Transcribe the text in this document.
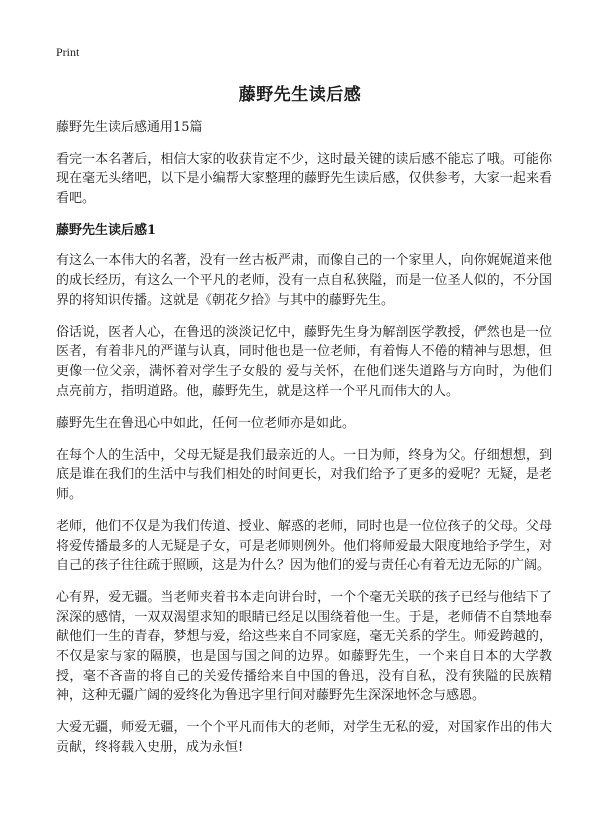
Print
藤野先生读后感

藤野先生读后感通用15篇

看完一本名著后，相信大家的收获肯定不少，这时最关键的读后感不能忘了哦。可能你现在毫无头绪吧，以下是小编帮大家整理的藤野先生读后感，仅供参考，大家一起来看看吧。

藤野先生读后感1

有这么一本伟大的名著，没有一丝古板严肃，而像自己的一个家里人，向你娓娓道来他的成长经历，有这么一个平凡的老师，没有一点自私狭隘，而是一位圣人似的，不分国界的将知识传播。这就是《朝花夕拾》与其中的藤野先生。

俗话说，医者人心，在鲁迅的淡淡记忆中，藤野先生身为解剖医学教授，俨然也是一位医者，有着非凡的严谨与认真，同时他也是一位老师，有着悔人不倦的精神与思想，但更像一位父亲，满怀着对学生子女般的 爱与关怀，在他们迷失道路与方向时，为他们点亮前方，指明道路。他，藤野先生，就是这样一个平凡而伟大的人。

藤野先生在鲁迅心中如此，任何一位老师亦是如此。

在每个人的生活中，父母无疑是我们最亲近的人。一日为师，终身为父。仔细想想，到底是谁在我们的生活中与我们相处的时间更长，对我们给予了更多的爱呢？无疑，是老师。

老师，他们不仅是为我们传道、授业、解惑的老师，同时也是一位位孩子的父母。父母将爱传播最多的人无疑是子女，可是老师则例外。他们将师爱最大限度地给予学生，对自己的孩子往往疏于照顾，这是为什么？因为他们的爱与责任心有着无边无际的广阔。

心有界，爱无疆。当老师夹着书本走向讲台时，一个个毫无关联的孩子已经与他结下了深深的感情，一双双渴望求知的眼睛已经足以围绕着他一生。于是，老师倩不自禁地奉献他们一生的青春，梦想与爱，给这些来自不同家庭，毫无关系的学生。师爱跨越的，不仅是家与家的隔膜，也是国与国之间的边界。如藤野先生，一个来自日本的大学教授，毫不吝啬的将自己的关爱传播给来自中国的鲁迅，没有自私，没有狭隘的民族精神，这种无疆广阔的爱终化为鲁迅字里行间对藤野先生深深地怀念与感恩。

大爱无疆，师爱无疆，一个个平凡而伟大的老师，对学生无私的爱，对国家作出的伟大贡献，终将载入史册，成为永恒!
